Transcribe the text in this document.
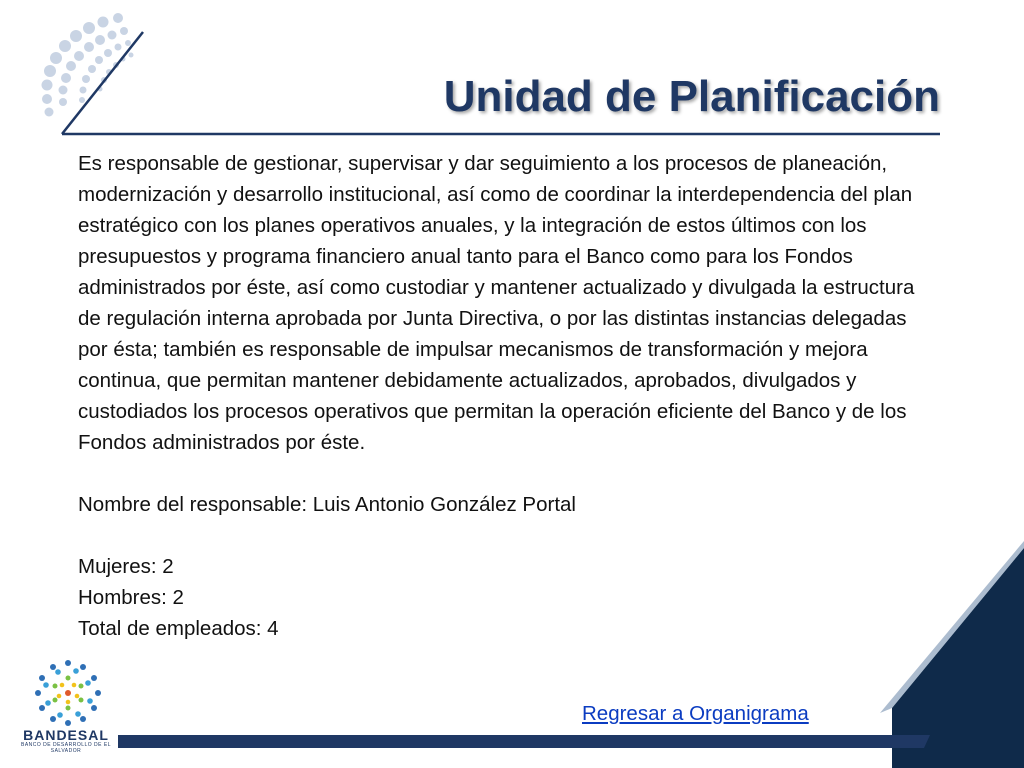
Unidad de Planificación

Es responsable de gestionar, supervisar y dar seguimiento a los procesos de planeación, modernización y desarrollo institucional, así como de coordinar la interdependencia del plan estratégico con los planes operativos anuales, y la integración de estos últimos con los presupuestos y programa financiero anual tanto para el Banco como para los Fondos administrados por éste, así como custodiar y mantener actualizado y divulgada la estructura de regulación interna aprobada por Junta Directiva, o por las distintas instancias delegadas por ésta; también es responsable de impulsar mecanismos de transformación y mejora continua, que permitan mantener debidamente actualizados, aprobados, divulgados y custodiados los procesos operativos que permitan la operación eficiente del Banco y de los Fondos administrados por éste.

Nombre del responsable: Luis Antonio González Portal

Mujeres: 2

Hombres: 2

Total de empleados: 4

Regresar a Organigrama
BANDESAL
BANCO DE DESARROLLO DE EL SALVADOR
